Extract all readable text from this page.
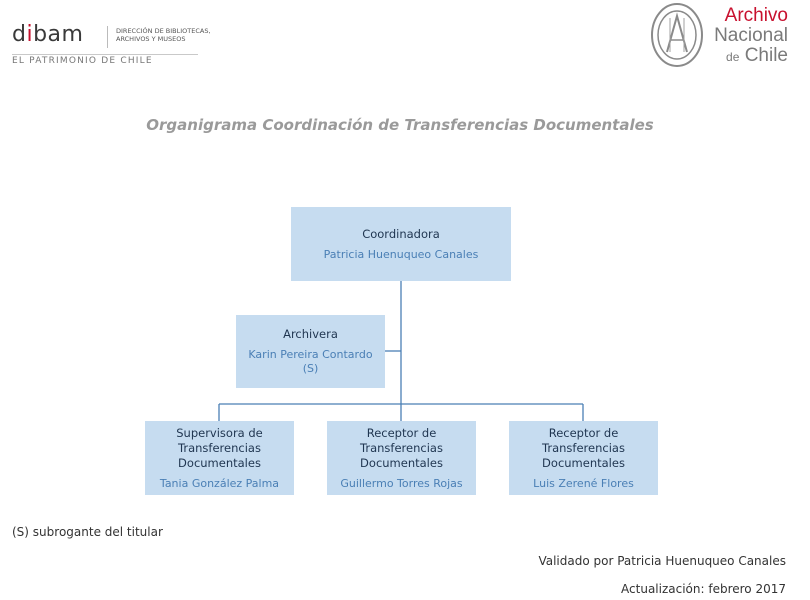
dibam	DIRECCIÓN DE BIBLIOTECAS,
ARCHIVOS Y MUSEOS
EL PATRIMONIO DE CHILE
Archivo
Nacional
de Chile
Organigrama Coordinación de Transferencias Documentales
Coordinadora
Patricia Huenuqueo Canales
Archivera
Karin Pereira Contardo (S)
Supervisora de Transferencias Documentales
Tania González Palma
Receptor de Transferencias Documentales
Guillermo Torres Rojas
Receptor de Transferencias Documentales
Luis Zerené Flores
(S) subrogante del titular
Validado por Patricia Huenuqueo Canales
Actualización: febrero 2017
